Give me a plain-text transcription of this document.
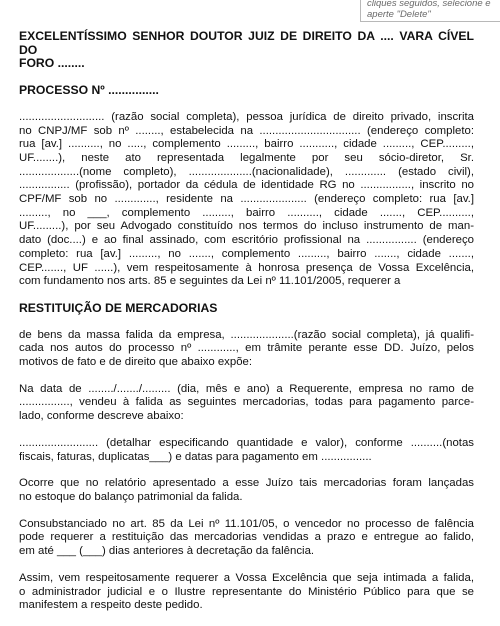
cliques seguidos, selecione e
aperte "Delete"
EXCELENTÍSSIMO SENHOR DOUTOR JUIZ DE DIREITO DA .... VARA CÍVEL DO
FORO ........
PROCESSO Nº ...............
........................... (razão social completa), pessoa jurídica de direito privado, inscrita
no CNPJ/MF sob nº ........, estabelecida na ................................ (endereço completo:
rua [av.] .........., no ....., complemento ........., bairro ..........., cidade ........., CEP.........,
UF........), neste ato representada legalmente por seu sócio-diretor, Sr.
...................(nome completo), ....................(nacionalidade), ............. (estado civil),
................ (profissão), portador da cédula de identidade RG no ................, inscrito no
CPF/MF sob no ............., residente na ..................... (endereço completo: rua [av.]
........., no ___, complemento ........., bairro .........., cidade ......., CEP..........,
UF.........), por seu Advogado constituído nos termos do incluso instrumento de man-
dato (doc....) e ao final assinado, com escritório profissional na ................ (endereço
completo: rua [av.] ........., no ......., complemento ........., bairro ......., cidade .......,
CEP......., UF ......), vem respeitosamente à honrosa presença de Vossa Excelência,
com fundamento nos arts. 85 e seguintes da Lei nº 11.101/2005, requerer a
RESTITUIÇÃO DE MERCADORIAS
de bens da massa falida da empresa, ....................(razão social completa), já qualifi-
cada nos autos do processo nº ............, em trâmite perante esse DD. Juízo, pelos
motivos de fato e de direito que abaixo expõe:
Na data de ......../......./......... (dia, mês e ano) a Requerente, empresa no ramo de
................, vendeu à falida as seguintes mercadorias, todas para pagamento parce-
lado, conforme descreve abaixo:
......................... (detalhar especificando quantidade e valor), conforme ..........(notas
fiscais, faturas, duplicatas___) e datas para pagamento em ................
Ocorre que no relatório apresentado a esse Juízo tais mercadorias foram lançadas
no estoque do balanço patrimonial da falida.
Consubstanciado no art. 85 da Lei nº 11.101/05, o vencedor no processo de falência
pode requerer a restituição das mercadorias vendidas a prazo e entregue ao falido,
em até ___ (___) dias anteriores à decretação da falência.
Assim, vem respeitosamente requerer a Vossa Excelência que seja intimada a falida,
o administrador judicial e o Ilustre representante do Ministério Público para que se
manifestem a respeito deste pedido.
